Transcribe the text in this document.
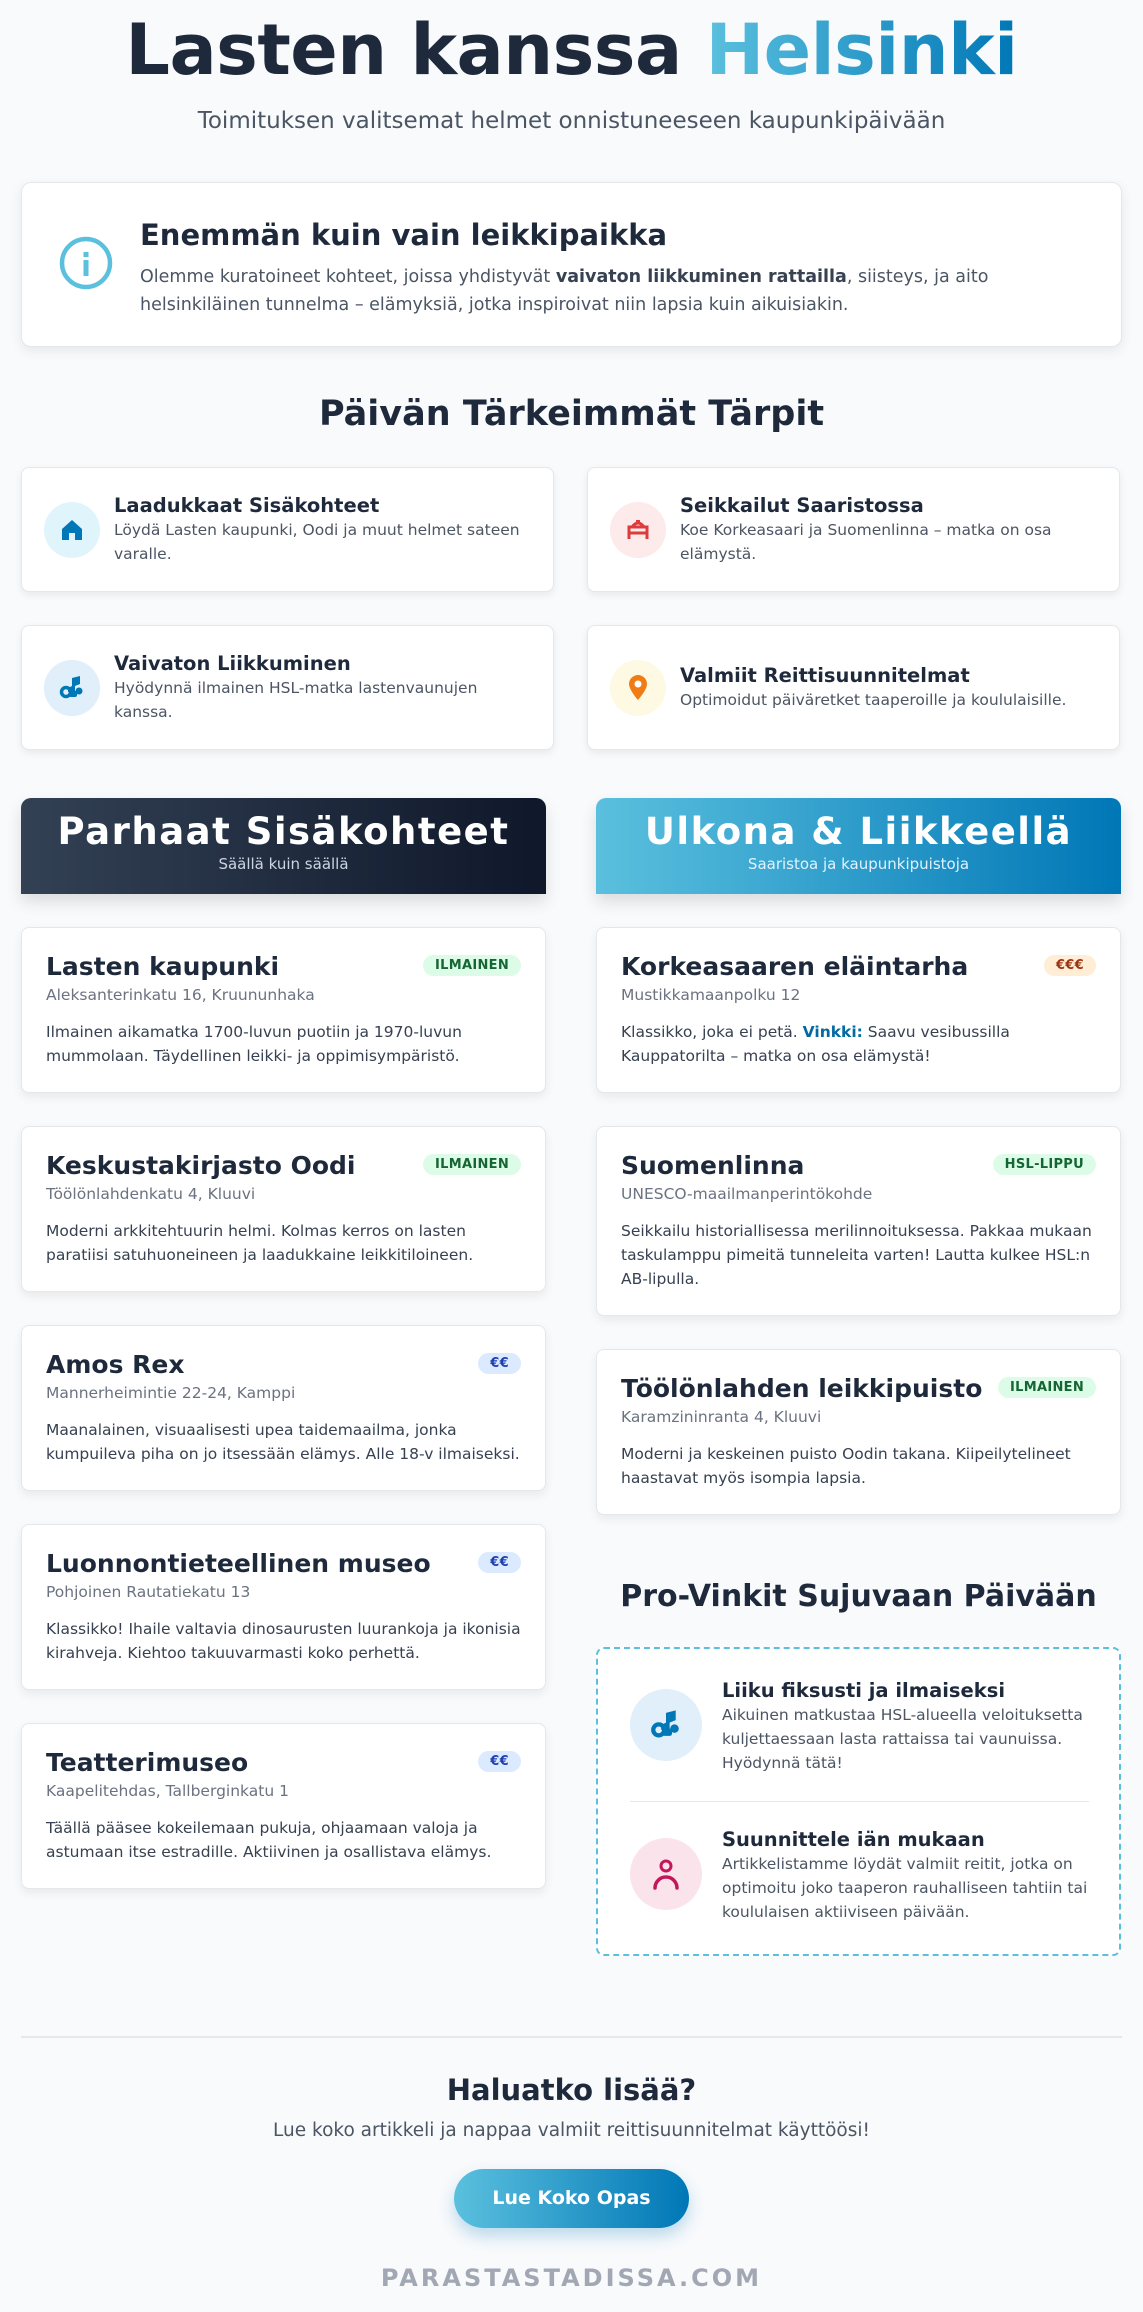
Lasten kanssa Helsinki

Toimituksen valitsemat helmet onnistuneeseen kaupunkipäivään

Enemmän kuin vain leikkipaikka

Olemme kuratoineet kohteet, joissa yhdistyvät vaivaton liikkuminen rattailla, siisteys, ja aito helsinkiläinen tunnelma – elämyksiä, jotka inspiroivat niin lapsia kuin aikuisiakin.

Päivän Tärkeimmät Tärpit
Laadukkaat Sisäkohteet
Löydä Lasten kaupunki, Oodi ja muut helmet sateen varalle.
Seikkailut Saaristossa
Koe Korkeasaari ja Suomenlinna – matka on osa elämystä.
Vaivaton Liikkuminen
Hyödynnä ilmainen HSL-matka lastenvaunujen kanssa.
Valmiit Reittisuunnitelmat
Optimoidut päiväretket taaperoille ja koululaisille.
Parhaat Sisäkohteet
Säällä kuin säällä
Lasten kaupunki	ILMAINEN
Aleksanterinkatu 16, Kruununhaka

Ilmainen aikamatka 1700-luvun puotiin ja 1970-luvun mummolaan. Täydellinen leikki- ja oppimisympäristö.

Keskustakirjasto Oodi	ILMAINEN
Töölönlahdenkatu 4, Kluuvi

Moderni arkkitehtuurin helmi. Kolmas kerros on lasten paratiisi satuhuoneineen ja laadukkaine leikkitiloineen.

Amos Rex	€€
Mannerheimintie 22-24, Kamppi

Maanalainen, visuaalisesti upea taidemaailma, jonka kumpuileva piha on jo itsessään elämys. Alle 18-v ilmaiseksi.

Luonnontieteellinen museo	€€
Pohjoinen Rautatiekatu 13

Klassikko! Ihaile valtavia dinosaurusten luurankoja ja ikonisia kirahveja. Kiehtoo takuuvarmasti koko perhettä.

Teatterimuseo	€€
Kaapelitehdas, Tallberginkatu 1

Täällä pääsee kokeilemaan pukuja, ohjaamaan valoja ja astumaan itse estradille. Aktiivinen ja osallistava elämys.

Ulkona & Liikkeellä
Saaristoa ja kaupunkipuistoja
Korkeasaaren eläintarha	€€€
Mustikkamaanpolku 12

Klassikko, joka ei petä. Vinkki: Saavu vesibussilla Kauppatorilta – matka on osa elämystä!

Suomenlinna	HSL-LIPPU
UNESCO-maailmanperintökohde

Seikkailu historiallisessa merilinnoituksessa. Pakkaa mukaan taskulamppu pimeitä tunneleita varten! Lautta kulkee HSL:n AB-lipulla.

Töölönlahden leikkipuisto	ILMAINEN
Karamzininranta 4, Kluuvi

Moderni ja keskeinen puisto Oodin takana. Kiipeilytelineet haastavat myös isompia lapsia.

Pro-Vinkit Sujuvaan Päivään
Liiku fiksusti ja ilmaiseksi
Aikuinen matkustaa HSL-alueella veloituksetta kuljettaessaan lasta rattaissa tai vaunuissa. Hyödynnä tätä!
Suunnittele iän mukaan
Artikkelistamme löydät valmiit reitit, jotka on optimoitu joko taaperon rauhalliseen tahtiin tai koululaisen aktiiviseen päivään.
Haluatko lisää?

Lue koko artikkeli ja nappaa valmiit reittisuunnitelmat käyttöösi!

Lue Koko Opas
PARASTASTADISSA.COM
